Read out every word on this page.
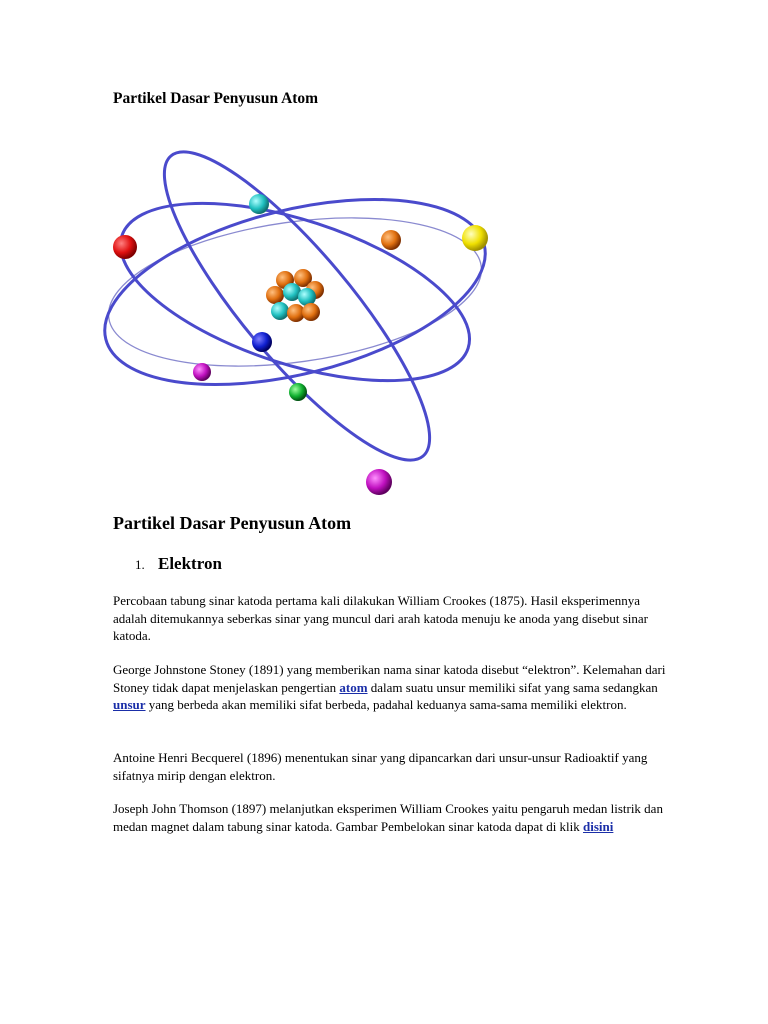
Partikel Dasar Penyusun Atom
Partikel Dasar Penyusun Atom
1. Elektron

Percobaan tabung sinar katoda pertama kali dilakukan William Crookes (1875). Hasil eksperimennya adalah ditemukannya seberkas sinar yang muncul dari arah katoda menuju ke anoda yang disebut sinar katoda.

George Johnstone Stoney (1891) yang memberikan nama sinar katoda disebut “elektron”. Kelemahan dari Stoney tidak dapat menjelaskan pengertian atom dalam suatu unsur memiliki sifat yang sama sedangkan unsur yang berbeda akan memiliki sifat berbeda, padahal keduanya sama-sama memiliki elektron.

Antoine Henri Becquerel (1896) menentukan sinar yang dipancarkan dari unsur-unsur Radioaktif yang sifatnya mirip dengan elektron.

Joseph John Thomson (1897) melanjutkan eksperimen William Crookes yaitu pengaruh medan listrik dan medan magnet dalam tabung sinar katoda. Gambar Pembelokan sinar katoda dapat di klik disini
